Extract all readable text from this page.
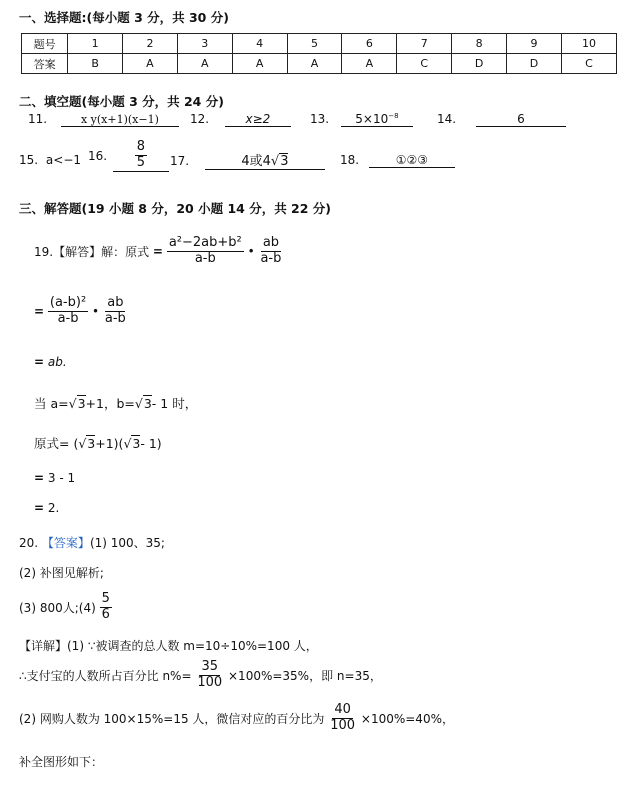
一、选择题:(每小题 3 分，共 30 分)
题号	1	2	3	4	5	6	7	8	9	10
答案	B	A	A	A	A	A	C	D	D	C
二、填空题(每小题 3 分，共 24 分)
11.	x y(x+1)(x−1)	12.	x≥2	13. $5\times 10^{-8}$	14.	6
15. a<−1 16. $\frac{8}{5} 17$.	4或4√3	18.	①②③
三、解答题(19 小题 8 分，20 小题 14 分，共 22 分)
19.【解答】解：原式 = $\frac{\text{a²−2ab+b²}}{a-b}$ • $\frac{ab}{a-b}$
= $\frac{\text{(a-b)²}}{a-b}$ • $\frac{ab}{a-b}$
= ab.
当 a=√3+1，b=√3- 1 时，
原式= (√3+1)(√3- 1)
= 3 - 1
= 2.
20. 【答案】(1) 100、35;
(2) 补图见解析;
(3) 800人;(4) $\frac{5}{6}$
【详解】(1) ∵被调查的总人数 m=10÷10%=100 人，
∴支付宝的人数所占百分比 $n\%= \frac{35}{100} \times 100\%=35\%$，即 n=35，
(2) 网购人数为 100×15%=15 人，微信对应的百分比为 $\frac{40}{100} \times 100\%=40\%$，
补全图形如下：
